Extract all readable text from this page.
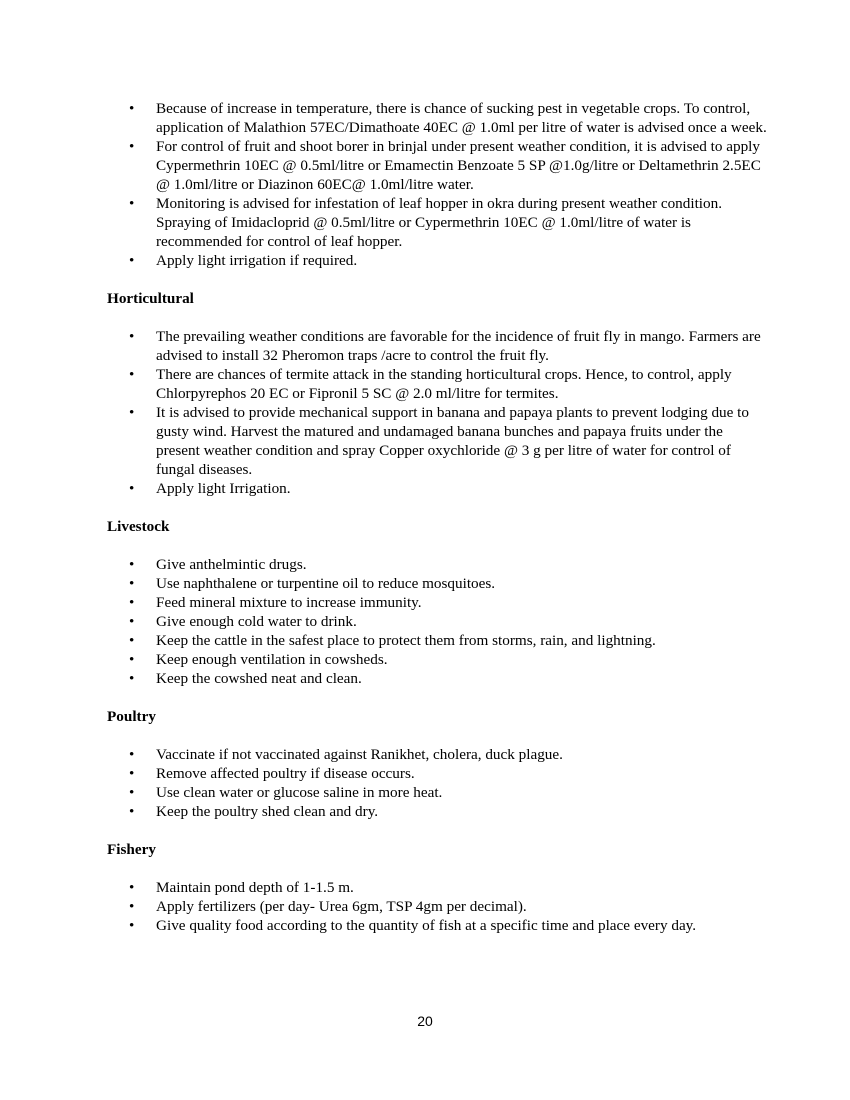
• Because of increase in temperature, there is chance of sucking pest in vegetable crops. To control, application of Malathion 57EC/Dimathoate 40EC @ 1.0ml per litre of water is advised once a week.
• For control of fruit and shoot borer in brinjal under present weather condition, it is advised to apply Cypermethrin 10EC @ 0.5ml/litre or Emamectin Benzoate 5 SP @1.0g/litre or Deltamethrin 2.5EC @ 1.0ml/litre or Diazinon 60EC@ 1.0ml/litre water.
• Monitoring is advised for infestation of leaf hopper in okra during present weather condition. Spraying of Imidacloprid @ 0.5ml/litre or Cypermethrin 10EC @ 1.0ml/litre of water is recommended for control of leaf hopper.
• Apply light irrigation if required.
Horticultural
• The prevailing weather conditions are favorable for the incidence of fruit fly in mango. Farmers are advised to install 32 Pheromon traps /acre to control the fruit fly.
• There are chances of termite attack in the standing horticultural crops. Hence, to control, apply Chlorpyrephos 20 EC or Fipronil 5 SC @ 2.0 ml/litre for termites.
• It is advised to provide mechanical support in banana and papaya plants to prevent lodging due to gusty wind. Harvest the matured and undamaged banana bunches and papaya fruits under the present weather condition and spray Copper oxychloride @ 3 g per litre of water for control of fungal diseases.
• Apply light Irrigation.
Livestock
• Give anthelmintic drugs.
• Use naphthalene or turpentine oil to reduce mosquitoes.
• Feed mineral mixture to increase immunity.
• Give enough cold water to drink.
• Keep the cattle in the safest place to protect them from storms, rain, and lightning.
• Keep enough ventilation in cowsheds.
• Keep the cowshed neat and clean.
Poultry
• Vaccinate if not vaccinated against Ranikhet, cholera, duck plague.
• Remove affected poultry if disease occurs.
• Use clean water or glucose saline in more heat.
• Keep the poultry shed clean and dry.
Fishery
• Maintain pond depth of 1-1.5 m.
• Apply fertilizers (per day- Urea 6gm, TSP 4gm per decimal).
• Give quality food according to the quantity of fish at a specific time and place every day.
20
